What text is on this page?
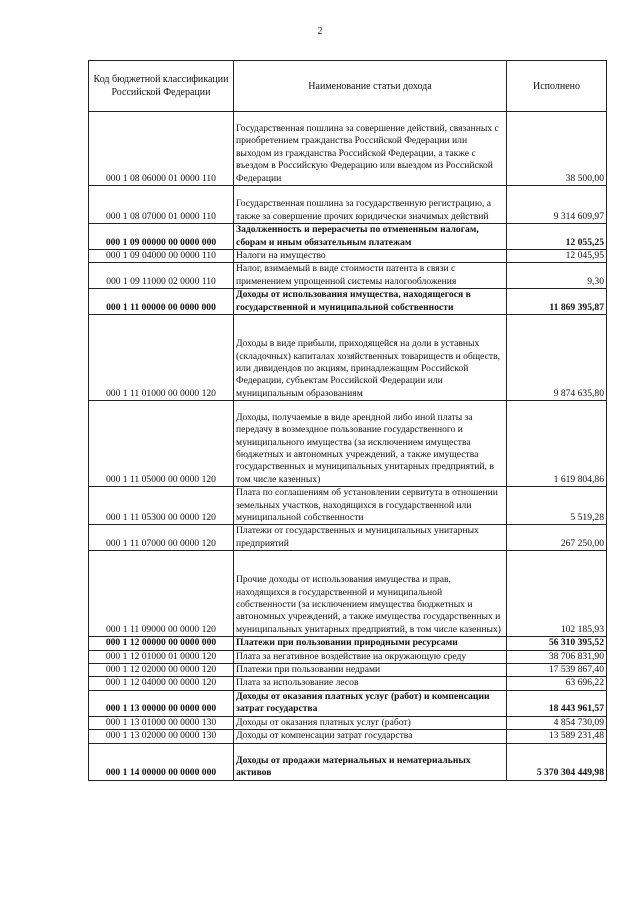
2
Код бюджетной классификации Российской Федерации	Наименование статьи дохода	Исполнено
000 1 08 06000 01 0000 110	Государственная пошлина за совершение действий, связанных с приобретением гражданства Российской Федерации или выходом из гражданства Российской Федерации, а также с въездом в Российскую Федерацию или выездом из Российской Федерации	38 500,00
000 1 08 07000 01 0000 110	Государственная пошлина за государственную регистрацию, а также за совершение прочих юридически значимых действий	9 314 609,97
000 1 09 00000 00 0000 000	Задолженность и перерасчеты по отмененным налогам, сборам и иным обязательным платежам	12 055,25
000 1 09 04000 00 0000 110	Налоги на имущество	12 045,95
000 1 09 11000 02 0000 110	Налог, взимаемый в виде стоимости патента в связи с применением упрощенной системы налогообложения	9,30
000 1 11 00000 00 0000 000	Доходы от использования имущества, находящегося в государственной и муниципальной собственности	11 869 395,87
000 1 11 01000 00 0000 120	Доходы в виде прибыли, приходящейся на доли в уставных (складочных) капиталах хозяйственных товариществ и обществ, или дивидендов по акциям, принадлежащим Российской Федерации, субъектам Российской Федерации или муниципальным образованиям	9 874 635,80
000 1 11 05000 00 0000 120	Доходы, получаемые в виде арендной либо иной платы за передачу в возмездное пользование государственного и муниципального имущества (за исключением имущества бюджетных и автономных учреждений, а также имущества государственных и муниципальных унитарных предприятий, в том числе казенных)	1 619 804,86
000 1 11 05300 00 0000 120	Плата по соглашениям об установлении сервитута в отношении земельных участков, находящихся в государственной или муниципальной собственности	5 519,28
000 1 11 07000 00 0000 120	Платежи от государственных и муниципальных унитарных предприятий	267 250,00
000 1 11 09000 00 0000 120	Прочие доходы от использования имущества и прав, находящихся в государственной и муниципальной собственности (за исключением имущества бюджетных и автономных учреждений, а также имущества государственных и муниципальных унитарных предприятий, в том числе казенных)	102 185,93
000 1 12 00000 00 0000 000	Платежи при пользовании природными ресурсами	56 310 395,52
000 1 12 01000 01 0000 120	Плата за негативное воздействие на окружающую среду	38 706 831,90
000 1 12 02000 00 0000 120	Платежи при пользовании недрами	17 539 867,40
000 1 12 04000 00 0000 120	Плата за использование лесов	63 696,22
000 1 13 00000 00 0000 000	Доходы от оказания платных услуг (работ) и компенсации затрат государства	18 443 961,57
000 1 13 01000 00 0000 130	Доходы от оказания платных услуг (работ)	4 854 730,09
000 1 13 02000 00 0000 130	Доходы от компенсации затрат государства	13 589 231,48
000 1 14 00000 00 0000 000	Доходы от продажи материальных и нематериальных активов	5 370 304 449,98
